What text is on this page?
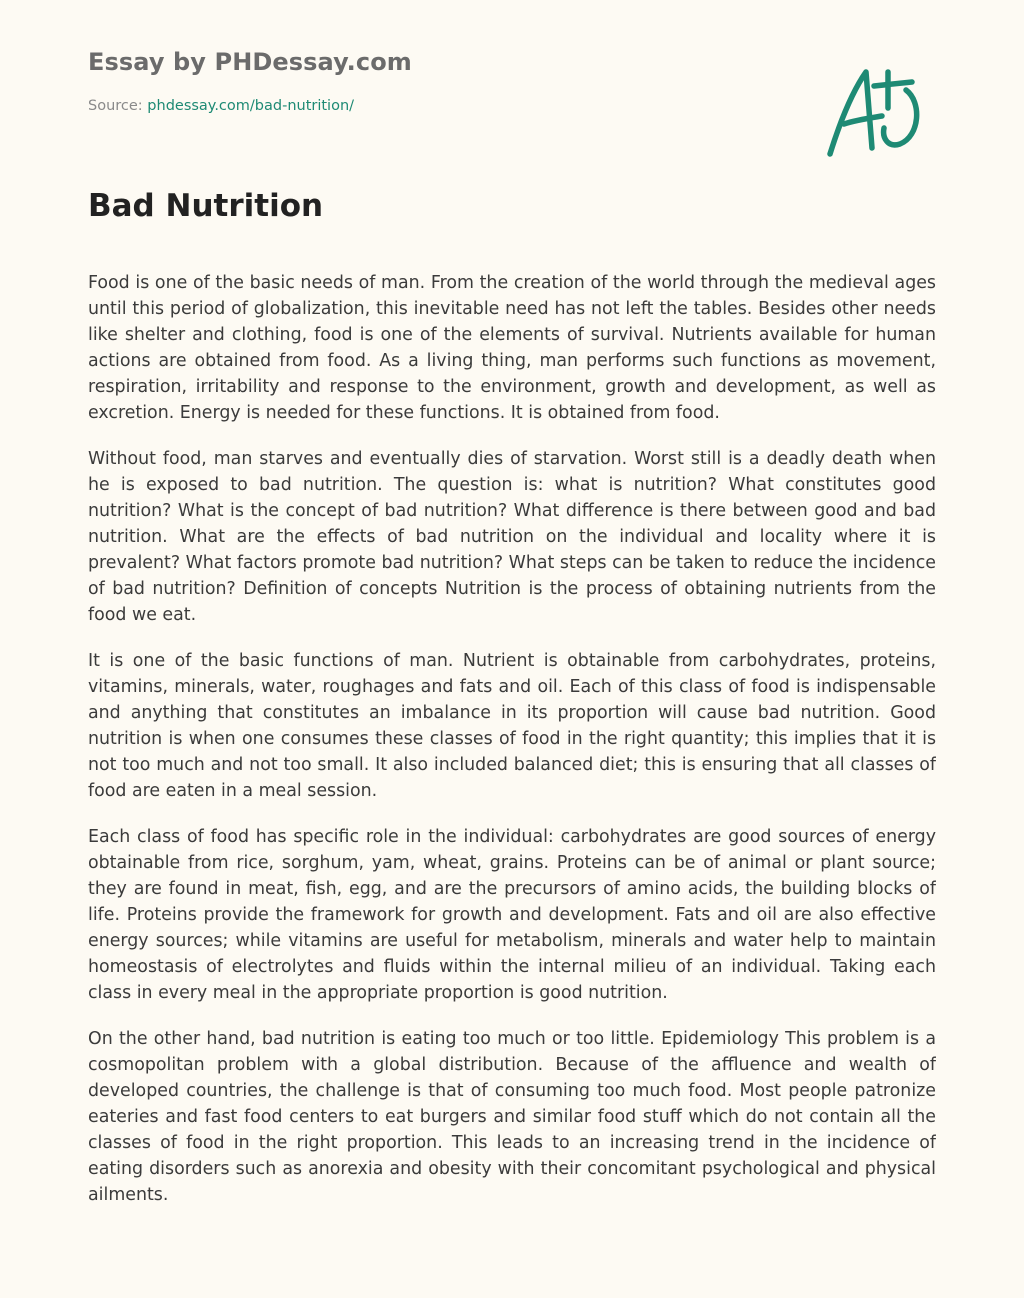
Essay by PHDessay.com
Source: phdessay.com/bad-nutrition/
Bad Nutrition

Food is one of the basic needs of man. From the creation of the world through the medieval ages until this period of globalization, this inevitable need has not left the tables. Besides other needs like shelter and clothing, food is one of the elements of survival. Nutrients available for human actions are obtained from food. As a living thing, man performs such functions as movement, respiration, irritability and response to the environment, growth and development, as well as excretion. Energy is needed for these functions. It is obtained from food.

Without food, man starves and eventually dies of starvation. Worst still is a deadly death when he is exposed to bad nutrition. The question is: what is nutrition? What constitutes good nutrition? What is the concept of bad nutrition? What difference is there between good and bad nutrition. What are the effects of bad nutrition on the individual and locality where it is prevalent? What factors promote bad nutrition? What steps can be taken to reduce the incidence of bad nutrition? Definition of concepts Nutrition is the process of obtaining nutrients from the food we eat.

It is one of the basic functions of man. Nutrient is obtainable from carbohydrates, proteins, vitamins, minerals, water, roughages and fats and oil. Each of this class of food is indispensable and anything that constitutes an imbalance in its proportion will cause bad nutrition. Good nutrition is when one consumes these classes of food in the right quantity; this implies that it is not too much and not too small. It also included balanced diet; this is ensuring that all classes of food are eaten in a meal session.

Each class of food has specific role in the individual: carbohydrates are good sources of energy obtainable from rice, sorghum, yam, wheat, grains. Proteins can be of animal or plant source; they are found in meat, fish, egg, and are the precursors of amino acids, the building blocks of life. Proteins provide the framework for growth and development. Fats and oil are also effective energy sources; while vitamins are useful for metabolism, minerals and water help to maintain homeostasis of electrolytes and fluids within the internal milieu of an individual. Taking each class in every meal in the appropriate proportion is good nutrition.

On the other hand, bad nutrition is eating too much or too little. Epidemiology This problem is a cosmopolitan problem with a global distribution. Because of the affluence and wealth of developed countries, the challenge is that of consuming too much food. Most people patronize eateries and fast food centers to eat burgers and similar food stuff which do not contain all the classes of food in the right proportion. This leads to an increasing trend in the incidence of eating disorders such as anorexia and obesity with their concomitant psychological and physical ailments.
